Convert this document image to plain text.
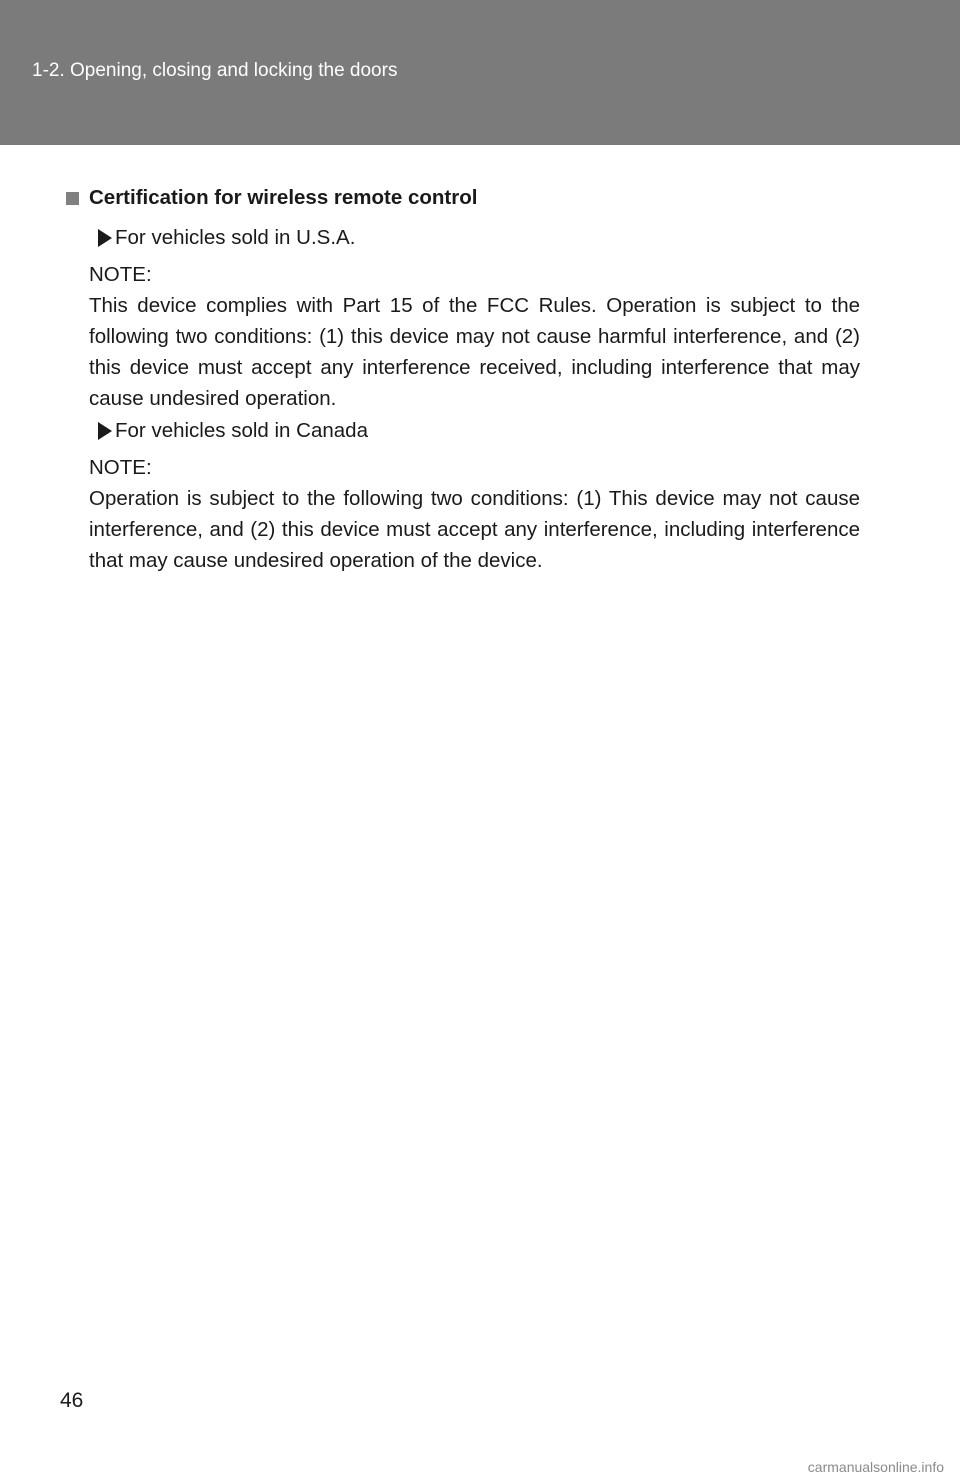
1-2. Opening, closing and locking the doors
Certification for wireless remote control
For vehicles sold in U.S.A.

NOTE:

This device complies with Part 15 of the FCC Rules. Operation is subject to the following two conditions: (1) this device may not cause harmful interference, and (2) this device must accept any interference received, including interference that may cause undesired operation.

For vehicles sold in Canada

NOTE:

Operation is subject to the following two conditions: (1) This device may not cause interference, and (2) this device must accept any interference, including interference that may cause undesired operation of the device.

46
carmanualsonline.info
